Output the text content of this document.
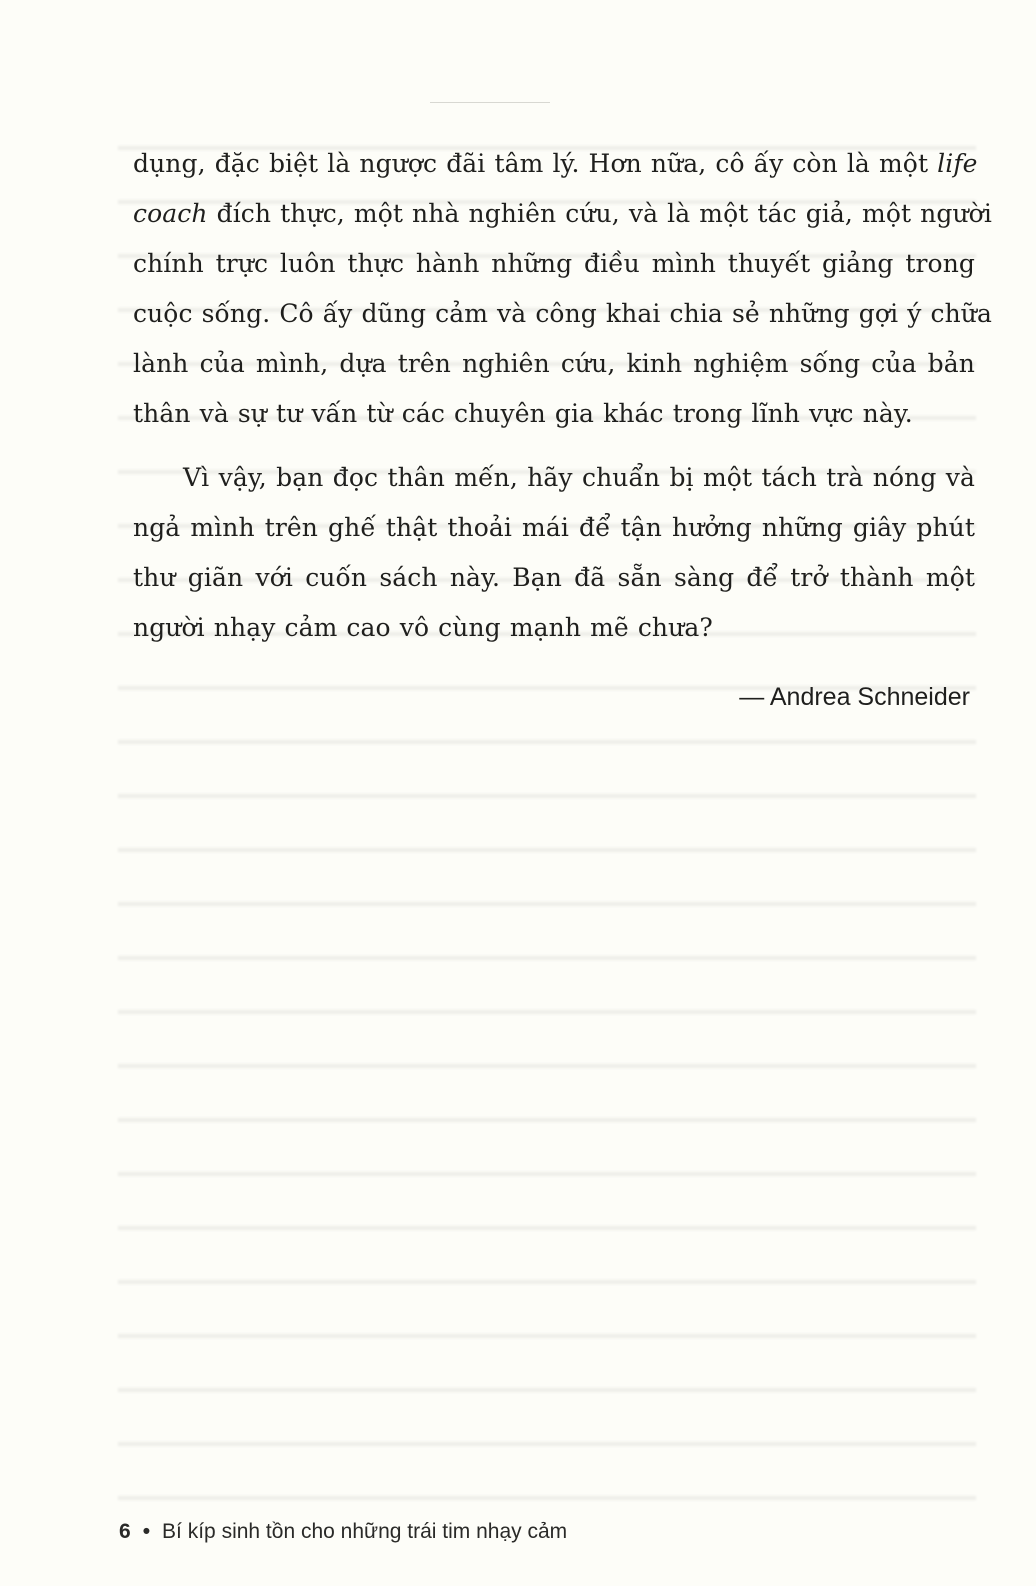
dụng, đặc biệt là ngược đãi tâm lý. Hơn nữa, cô ấy còn là một life
coach đích thực, một nhà nghiên cứu, và là một tác giả, một người
chính trực luôn thực hành những điều mình thuyết giảng trong
cuộc sống. Cô ấy dũng cảm và công khai chia sẻ những gợi ý chữa
lành của mình, dựa trên nghiên cứu, kinh nghiệm sống của bản
thân và sự tư vấn từ các chuyên gia khác trong lĩnh vực này.
Vì vậy, bạn đọc thân mến, hãy chuẩn bị một tách trà nóng và
ngả mình trên ghế thật thoải mái để tận hưởng những giây phút
thư giãn với cuốn sách này. Bạn đã sẵn sàng để trở thành một
người nhạy cảm cao vô cùng mạnh mẽ chưa?
— Andrea Schneider
6 • Bí kíp sinh tồn cho những trái tim nhạy cảm
